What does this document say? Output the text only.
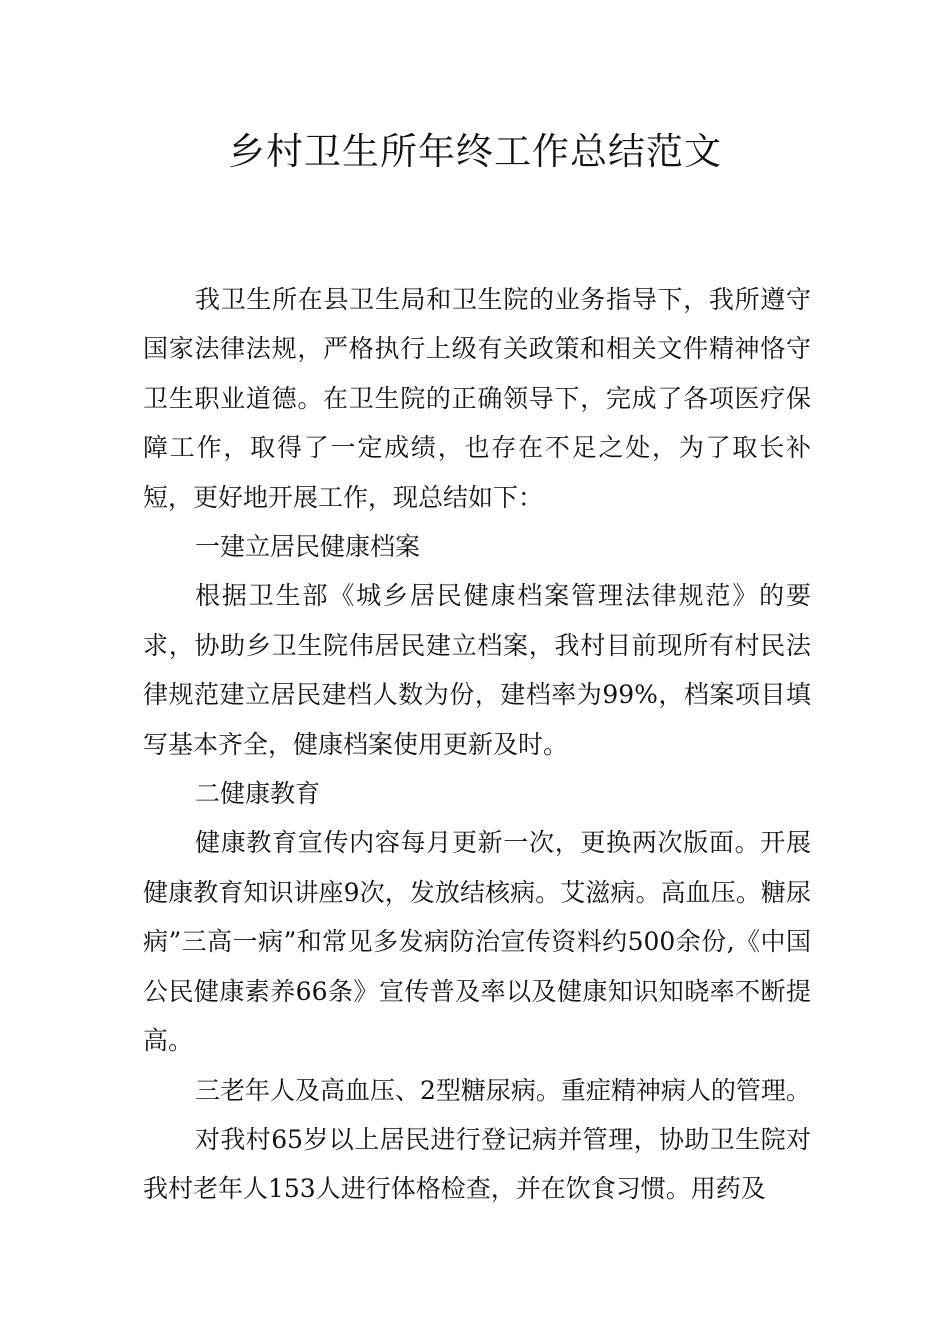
乡村卫生所年终工作总结范文

我卫生所在县卫生局和卫生院的业务指导下，我所遵守国家法律法规，严格执行上级有关政策和相关文件精神恪守卫生职业道德。在卫生院的正确领导下，完成了各项医疗保障工作，取得了一定成绩，也存在不足之处，为了取长补短，更好地开展工作，现总结如下：

一建立居民健康档案

根据卫生部《城乡居民健康档案管理法律规范》的要求，协助乡卫生院伟居民建立档案，我村目前现所有村民法律规范建立居民建档人数为份，建档率为99%，档案项目填写基本齐全，健康档案使用更新及时。

二健康教育

健康教育宣传内容每月更新一次，更换两次版面。开展健康教育知识讲座9次，发放结核病。艾滋病。高血压。糖尿病”三高一病”和常见多发病防治宣传资料约500余份,《中国公民健康素养66条》宣传普及率以及健康知识知晓率不断提高。

三老年人及高血压、2型糖尿病。重症精神病人的管理。

对我村65岁以上居民进行登记病并管理，协助卫生院对我村老年人153人进行体格检查，并在饮食习惯。用药及
